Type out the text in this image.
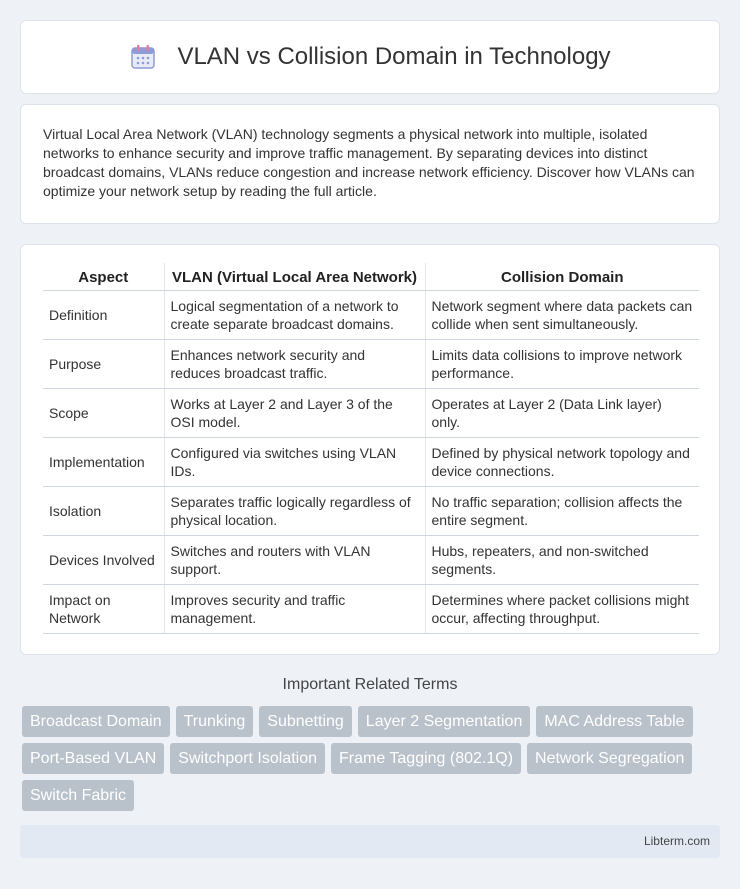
VLAN vs Collision Domain in Technology

Virtual Local Area Network (VLAN) technology segments a physical network into multiple, isolated networks to enhance security and improve traffic management. By separating devices into distinct broadcast domains, VLANs reduce congestion and increase network efficiency. Discover how VLANs can optimize your network setup by reading the full article.

Aspect	VLAN (Virtual Local Area Network)	Collision Domain
Definition	Logical segmentation of a network to create separate broadcast domains.	Network segment where data packets can collide when sent simultaneously.
Purpose	Enhances network security and reduces broadcast traffic.	Limits data collisions to improve network performance.
Scope	Works at Layer 2 and Layer 3 of the OSI model.	Operates at Layer 2 (Data Link layer) only.
Implementation	Configured via switches using VLAN IDs.	Defined by physical network topology and device connections.
Isolation	Separates traffic logically regardless of physical location.	No traffic separation; collision affects the entire segment.
Devices Involved	Switches and routers with VLAN support.	Hubs, repeaters, and non-switched segments.
Impact on Network	Improves security and traffic management.	Determines where packet collisions might occur, affecting throughput.
Important Related Terms
Broadcast Domain	Trunking	Subnetting	Layer 2 Segmentation	MAC Address Table
Port-Based VLAN	Switchport Isolation	Frame Tagging (802.1Q)	Network Segregation
Switch Fabric
Libterm.com
